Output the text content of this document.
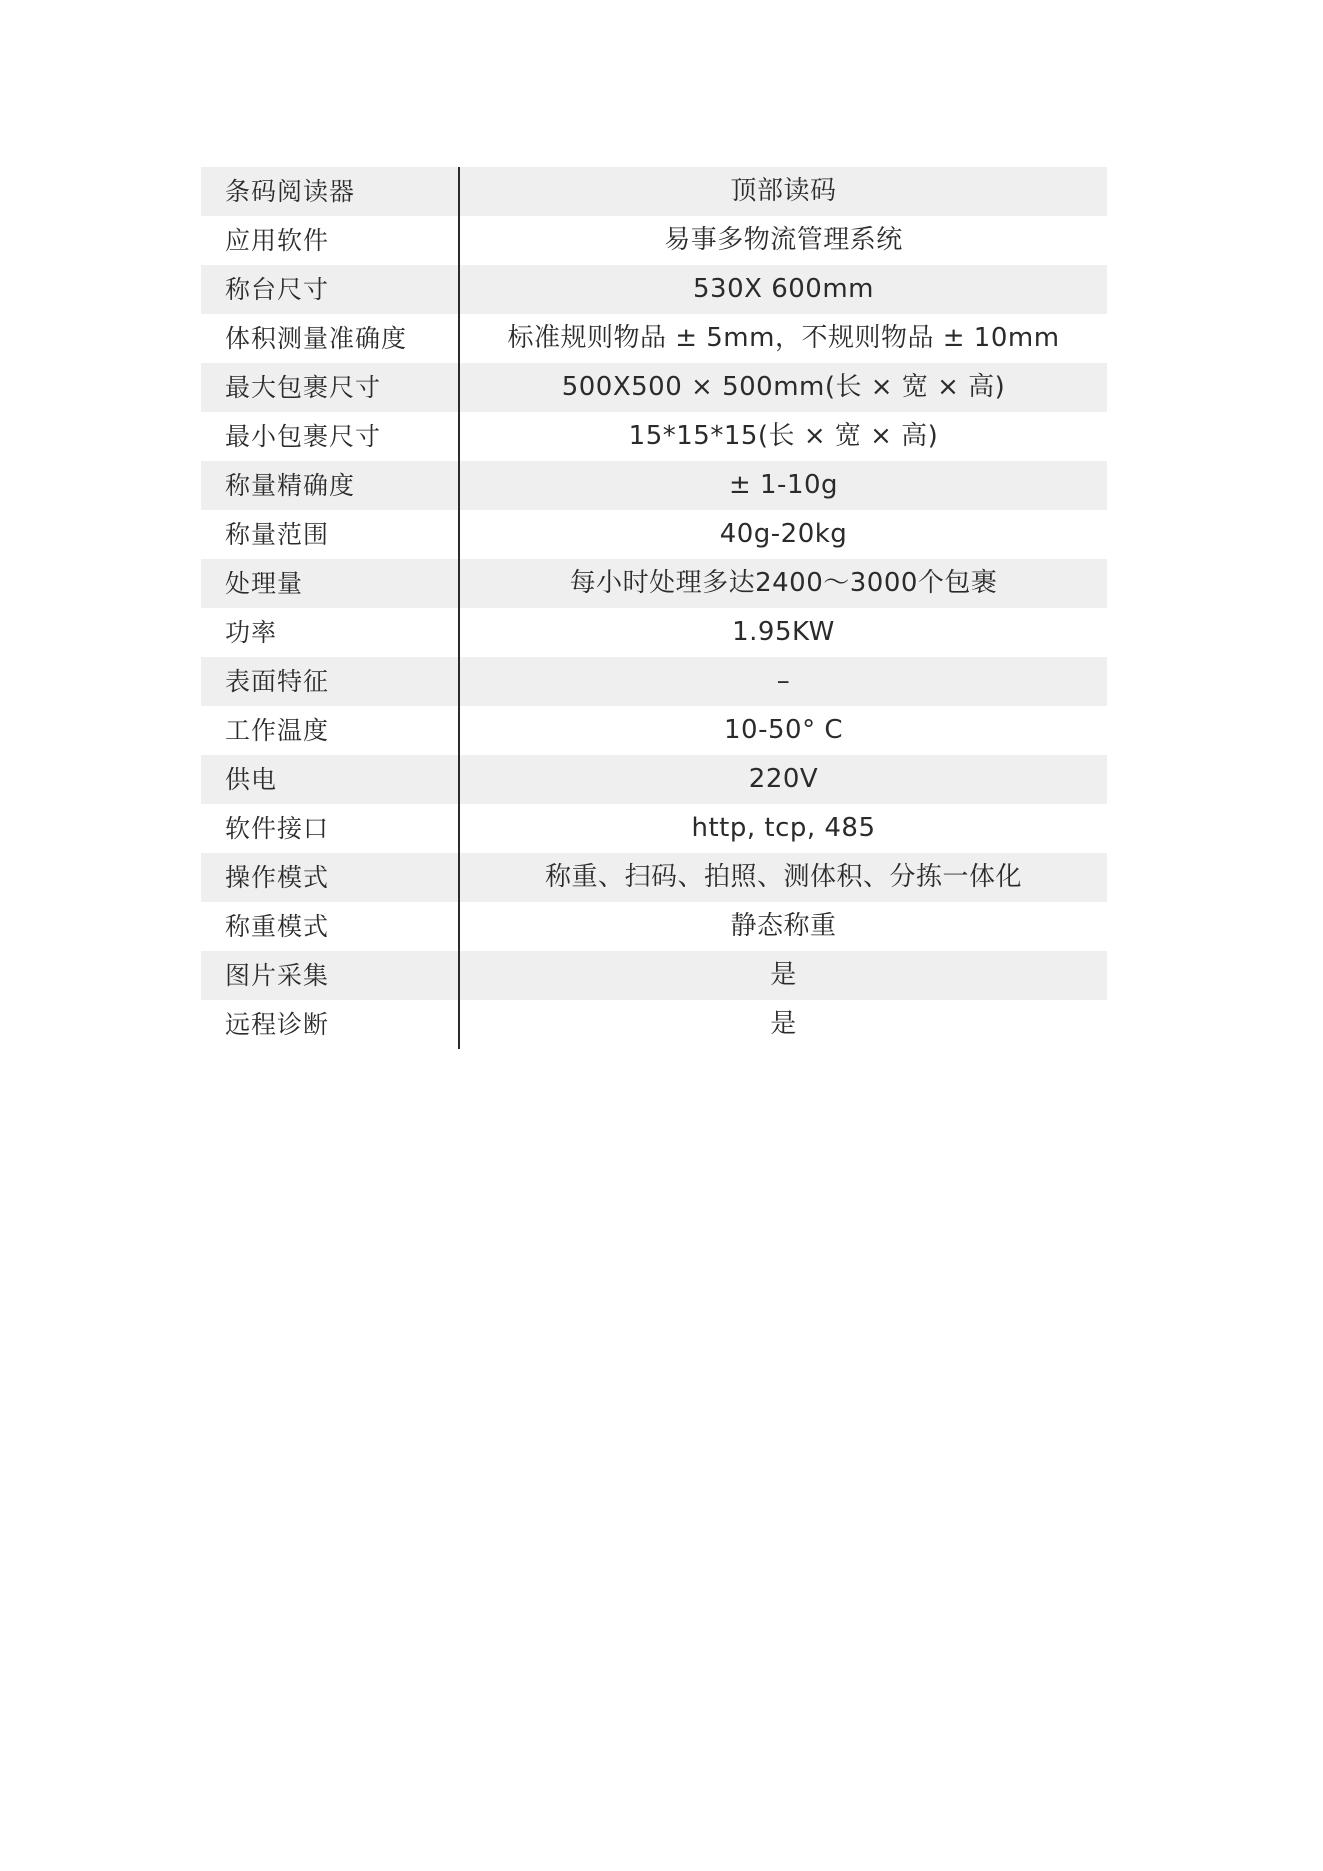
条码阅读器	顶部读码
应用软件	易事多物流管理系统
称台尺寸	530X 600mm
体积测量准确度	标准规则物品 ± 5mm，不规则物品 ± 10mm
最大包裹尺寸	500X500 × 500mm(长 × 宽 × 高)
最小包裹尺寸	15*15*15(长 × 宽 × 高)
称量精确度	± 1-10g
称量范围	40g-20kg
处理量	每小时处理多达2400～3000个包裹
功率	1.95KW
表面特征	–
工作温度	10-50° C
供电	220V
软件接口	http, tcp, 485
操作模式	称重、扫码、拍照、测体积、分拣一体化
称重模式	静态称重
图片采集	是
远程诊断	是
